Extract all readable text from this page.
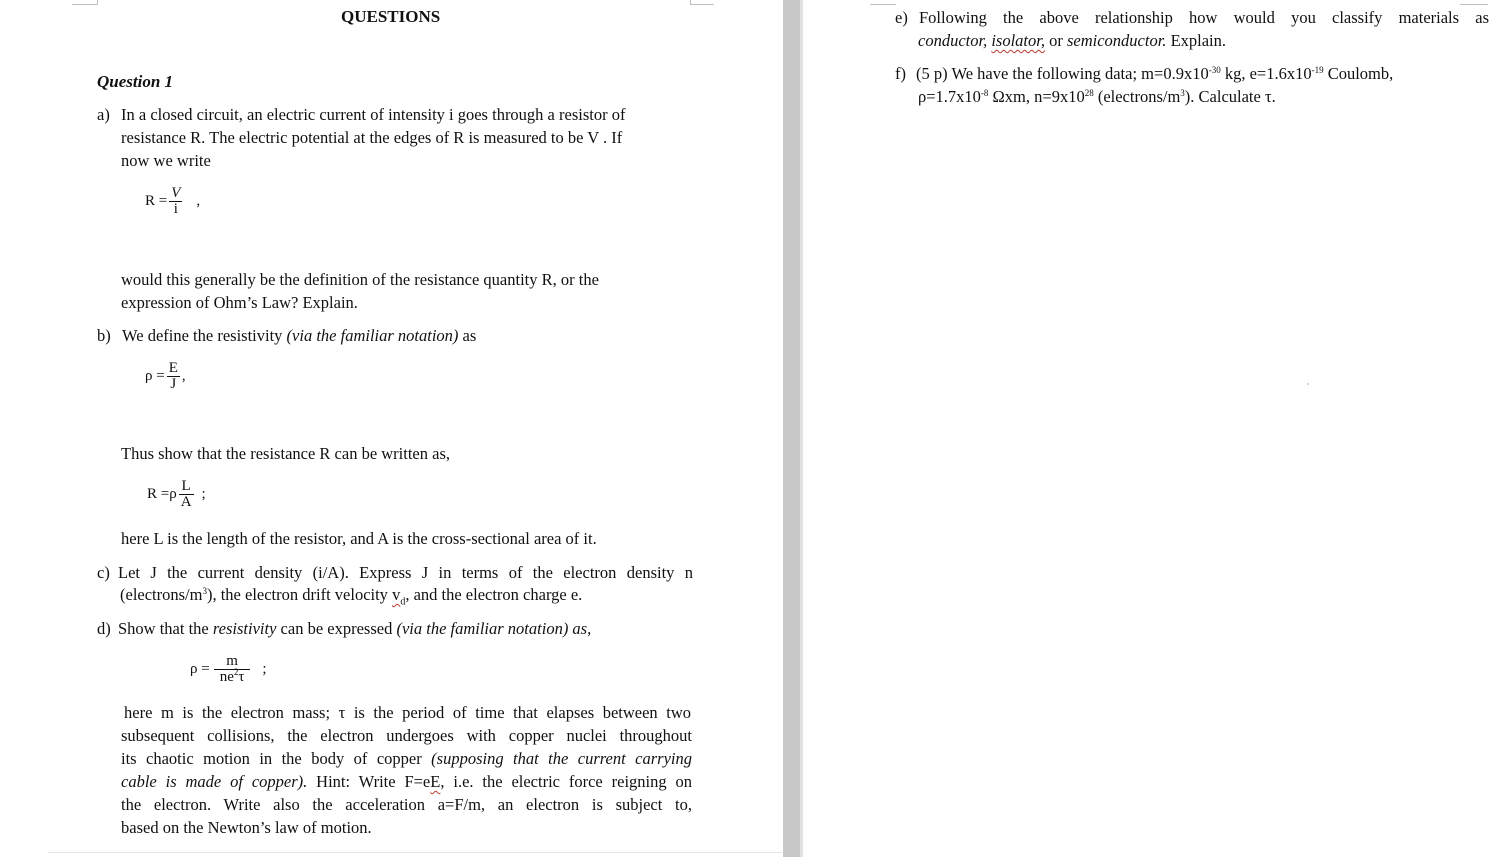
QUESTIONS
Question 1
a) In a closed circuit, an electric current of intensity i goes through a resistor of
resistance R. The electric potential at the edges of R is measured to be V . If
now we write
$R = \frac{V}{i}$ ,
would this generally be the definition of the resistance quantity R, or the
expression of Ohm’s Law? Explain.
b) We define the resistivity (via the familiar notation) as
$\rho = \frac{E}{J}$ ,
Thus show that the resistance R can be written as,
$R =\rho \frac{L}{A}$ ;
here L is the length of the resistor, and A is the cross-sectional area of it.
c) Let J the current density (i/A). Express J in terms of the electron density n
$(electrons/m^3)$, the electron drift velocity $v_d$, and the electron charge e.
d) Show that the resistivity can be expressed (via the familiar notation) as,
$\rho = \frac{m}{ne^2\tau}$ ;
here m is the electron mass; τ is the period of time that elapses between two
subsequent collisions, the electron undergoes with copper nuclei throughout
its chaotic motion in the body of copper (supposing that the current carrying
cable is made of copper). Hint: Write F=eE, i.e. the electric force reigning on
the electron. Write also the acceleration a=F/m, an electron is subject to,
based on the Newton’s law of motion.
e) Following the above relationship how would you classify materials as
conductor, isolator, or semiconductor. Explain.
f) (5 p) We have the following data; $m=0.9x10^{-30}$ kg, $e=1.6x10^{-19}$ Coulomb,
$\rho=1.7x10^{-8}$ Ωxm, $n=9x10^{28}$ $(electrons/m^3)$. Calculate τ.
